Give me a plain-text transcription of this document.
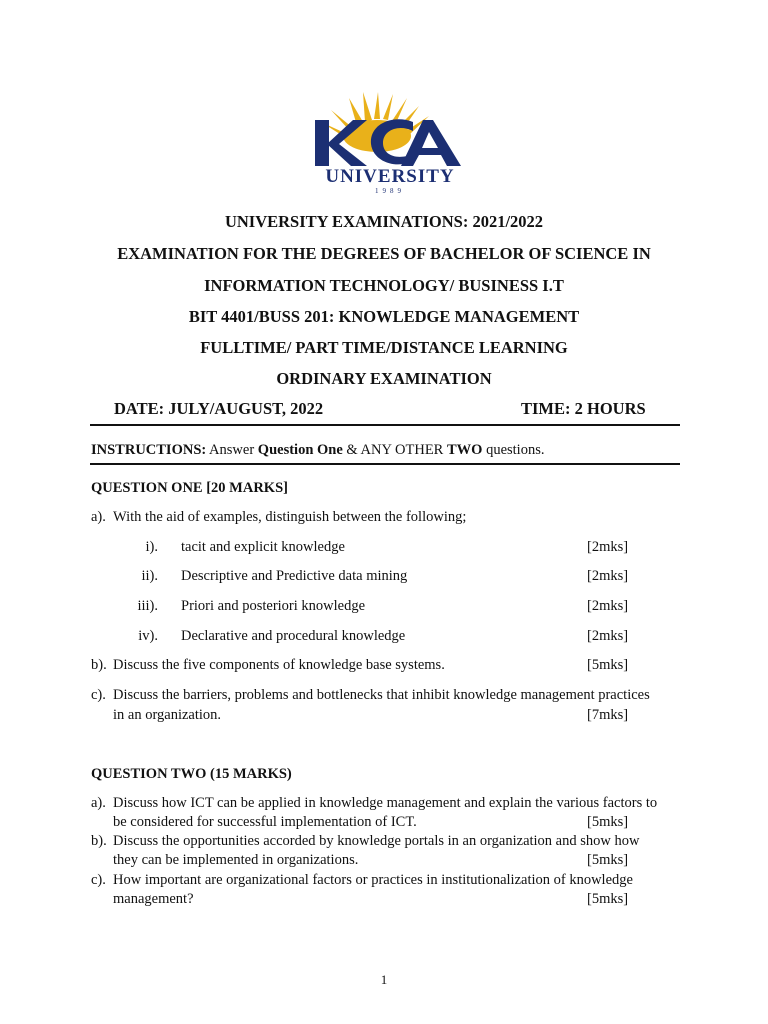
UNIVERSITY
1989
UNIVERSITY EXAMINATIONS: 2021/2022
EXAMINATION FOR THE DEGREES OF BACHELOR OF SCIENCE IN
INFORMATION TECHNOLOGY/ BUSINESS I.T
BIT 4401/BUSS 201: KNOWLEDGE MANAGEMENT
FULLTIME/ PART TIME/DISTANCE LEARNING
ORDINARY EXAMINATION
DATE: JULY/AUGUST, 2022	TIME: 2 HOURS
INSTRUCTIONS: Answer Question One & ANY OTHER TWO questions.
QUESTION ONE [20 MARKS]
a). With the aid of examples, distinguish between the following;
i). tacit and explicit knowledge	[2mks]
ii). Descriptive and Predictive data mining	[2mks]
iii). Priori and posteriori knowledge	[2mks]
iv). Declarative and procedural knowledge	[2mks]
b). Discuss the five components of knowledge base systems.	[5mks]
c). Discuss the barriers, problems and bottlenecks that inhibit knowledge management practices
in an organization.	[7mks]
QUESTION TWO (15 MARKS)
a). Discuss how ICT can be applied in knowledge management and explain the various factors to
be considered for successful implementation of ICT.	[5mks]
b). Discuss the opportunities accorded by knowledge portals in an organization and show how
they can be implemented in organizations.	[5mks]
c). How important are organizational factors or practices in institutionalization of knowledge
management?	[5mks]
1
